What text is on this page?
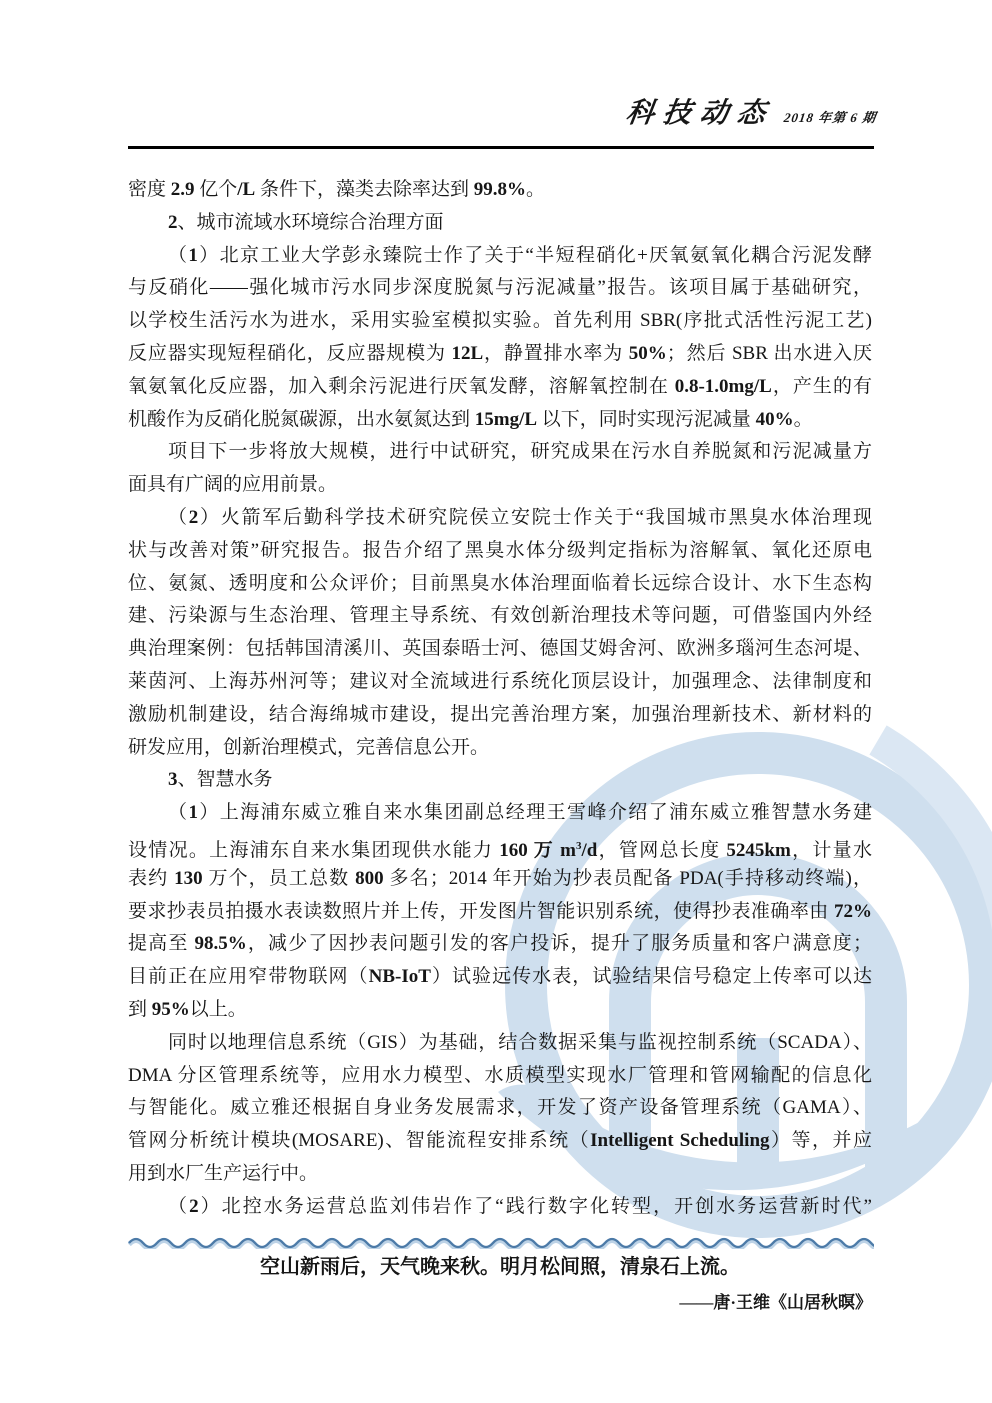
科技动态 2018 年第 6 期
密度 2.9 亿个/L 条件下，藻类去除率达到 99.8%。
2、城市流域水环境综合治理方面
（1）北京工业大学彭永臻院士作了关于“半短程硝化+厌氧氨氧化耦合污泥发酵
与反硝化——强化城市污水同步深度脱氮与污泥减量”报告。该项目属于基础研究，
以学校生活污水为进水，采用实验室模拟实验。首先利用 SBR(序批式活性污泥工艺)
反应器实现短程硝化，反应器规模为 12L，静置排水率为 50%；然后 SBR 出水进入厌
氧氨氧化反应器，加入剩余污泥进行厌氧发酵，溶解氧控制在 0.8-1.0mg/L，产生的有
机酸作为反硝化脱氮碳源，出水氨氮达到 15mg/L 以下，同时实现污泥减量 40%。
项目下一步将放大规模，进行中试研究，研究成果在污水自养脱氮和污泥减量方
面具有广阔的应用前景。
（2）火箭军后勤科学技术研究院侯立安院士作关于“我国城市黑臭水体治理现
状与改善对策”研究报告。报告介绍了黑臭水体分级判定指标为溶解氧、氧化还原电
位、氨氮、透明度和公众评价；目前黑臭水体治理面临着长远综合设计、水下生态构
建、污染源与生态治理、管理主导系统、有效创新治理技术等问题，可借鉴国内外经
典治理案例：包括韩国清溪川、英国泰晤士河、德国艾姆舍河、欧洲多瑙河生态河堤、
莱茵河、上海苏州河等；建议对全流域进行系统化顶层设计，加强理念、法律制度和
激励机制建设，结合海绵城市建设，提出完善治理方案，加强治理新技术、新材料的
研发应用，创新治理模式，完善信息公开。
3、智慧水务
（1）上海浦东威立雅自来水集团副总经理王雪峰介绍了浦东威立雅智慧水务建
设情况。上海浦东自来水集团现供水能力 160 万 $m^3/d$，管网总长度 5245km，计量水
表约 130 万个，员工总数 800 多名；2014 年开始为抄表员配备 PDA(手持移动终端)，
要求抄表员拍摄水表读数照片并上传，开发图片智能识别系统，使得抄表准确率由 72%
提高至 98.5%，减少了因抄表问题引发的客户投诉，提升了服务质量和客户满意度；
目前正在应用窄带物联网（NB-IoT）试验远传水表，试验结果信号稳定上传率可以达
到 95%以上。
同时以地理信息系统（GIS）为基础，结合数据采集与监视控制系统（SCADA）、
DMA 分区管理系统等，应用水力模型、水质模型实现水厂管理和管网输配的信息化
与智能化。威立雅还根据自身业务发展需求，开发了资产设备管理系统（GAMA）、
管网分析统计模块(MOSARE)、智能流程安排系统（Intelligent Scheduling）等，并应
用到水厂生产运行中。
（2）北控水务运营总监刘伟岩作了“践行数字化转型，开创水务运营新时代”
空山新雨后，天气晚来秋。明月松间照，清泉石上流。
——唐·王维《山居秋暝》
